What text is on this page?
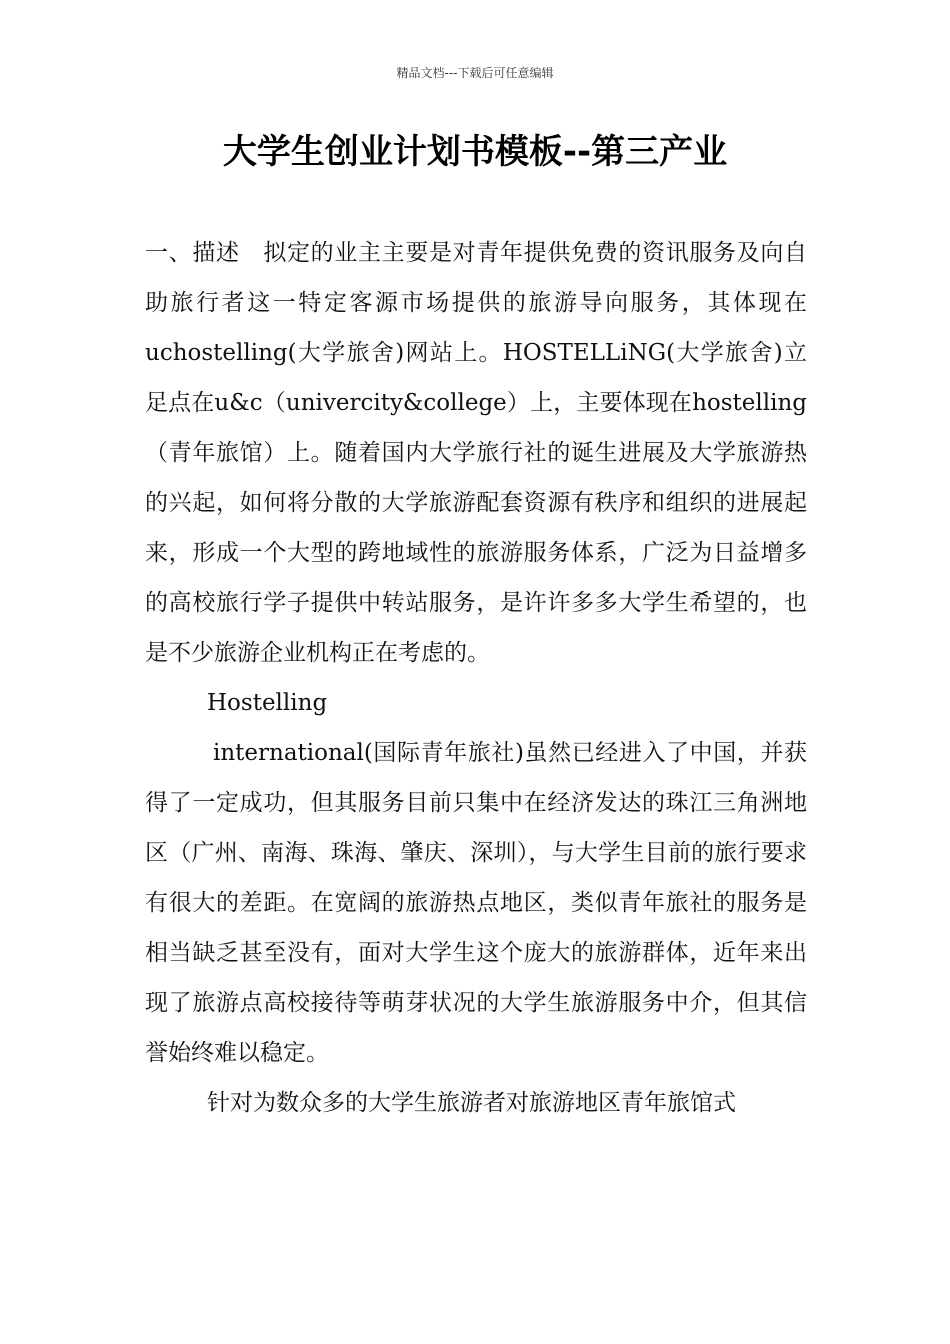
精品文档---下载后可任意编辑
大学生创业计划书模板--第三产业

一、描述　拟定的业主主要是对青年提供免费的资讯服务及向自助旅行者这一特定客源市场提供的旅游导向服务，其体现在uchostelling(大学旅舍)网站上。HOSTELLiNG(大学旅舍)立足点在u&c（univercity&college）上，主要体现在hostelling（青年旅馆）上。随着国内大学旅行社的诞生进展及大学旅游热的兴起，如何将分散的大学旅游配套资源有秩序和组织的进展起来，形成一个大型的跨地域性的旅游服务体系，广泛为日益增多的高校旅行学子提供中转站服务，是许许多多大学生希望的，也是不少旅游企业机构正在考虑的。

Hostelling

international(国际青年旅社)虽然已经进入了中国，并获得了一定成功，但其服务目前只集中在经济发达的珠江三角洲地区（广州、南海、珠海、肇庆、深圳），与大学生目前的旅行要求有很大的差距。在宽阔的旅游热点地区，类似青年旅社的服务是相当缺乏甚至没有，面对大学生这个庞大的旅游群体，近年来出现了旅游点高校接待等萌芽状况的大学生旅游服务中介，但其信誉始终难以稳定。

针对为数众多的大学生旅游者对旅游地区青年旅馆式
